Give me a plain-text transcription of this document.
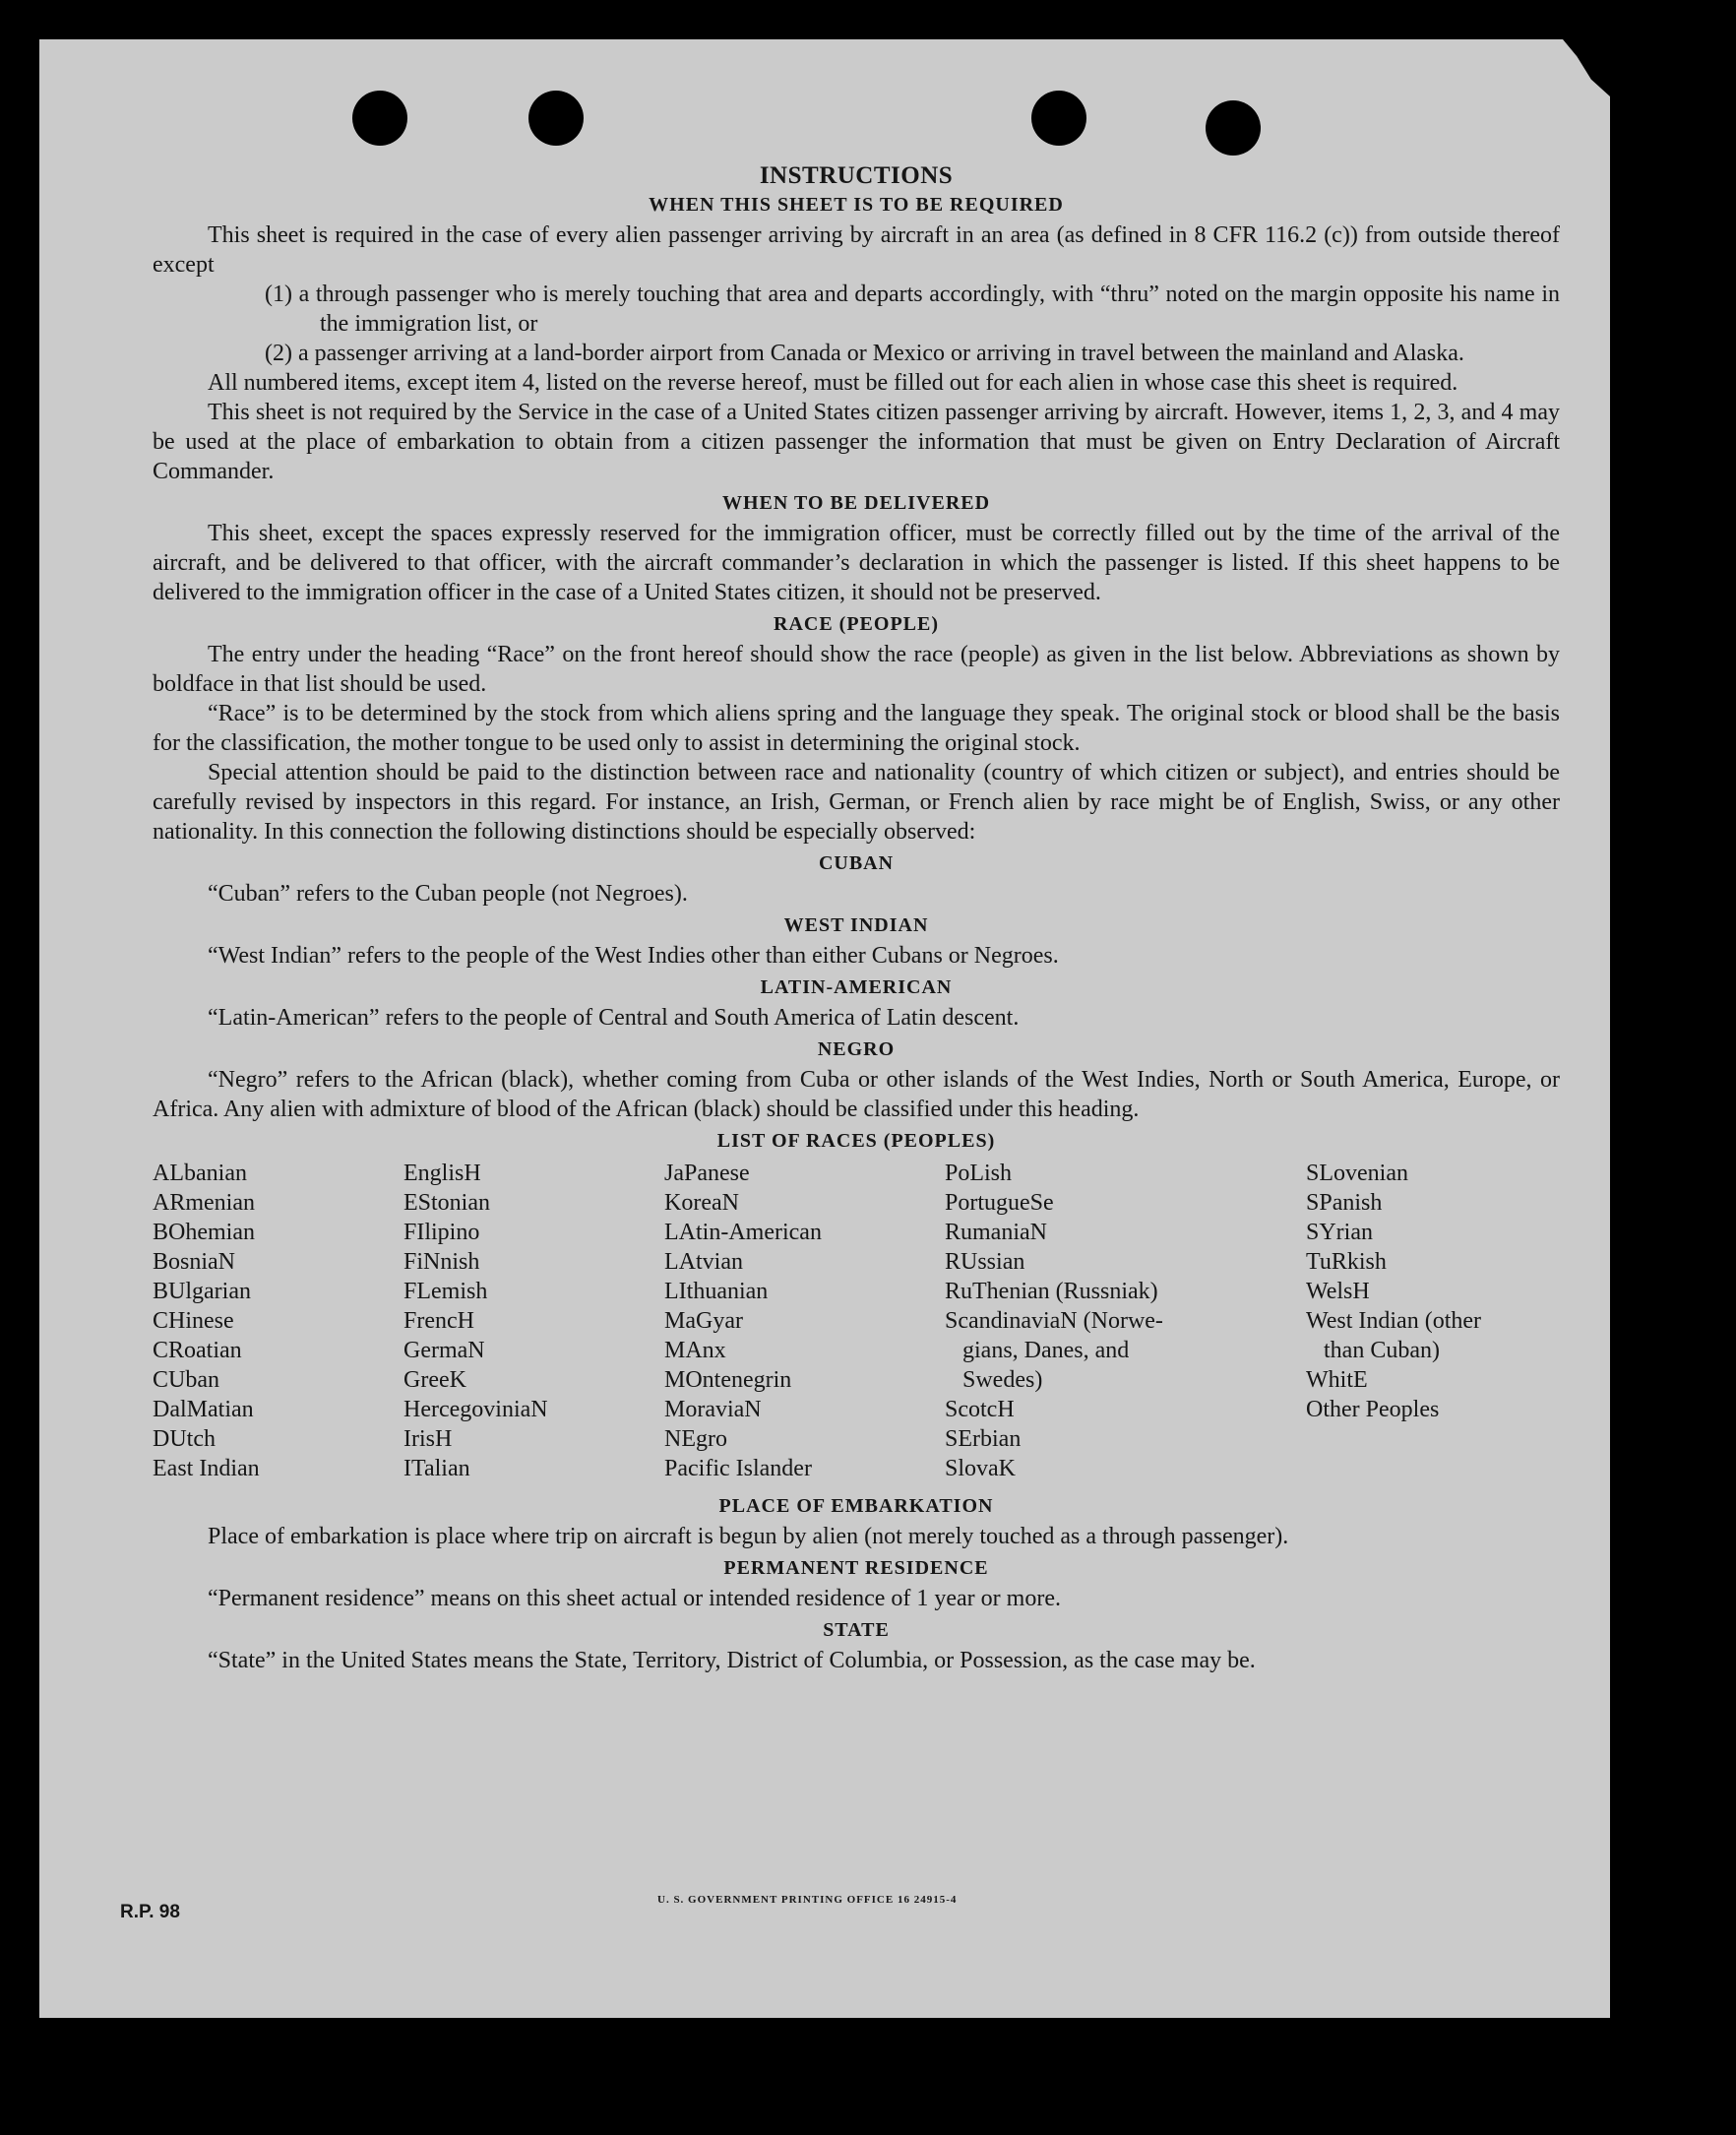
INSTRUCTIONS
WHEN THIS SHEET IS TO BE REQUIRED

This sheet is required in the case of every alien passenger arriving by aircraft in an area (as defined in 8 CFR 116.2 (c)) from outside thereof except

(1) a through passenger who is merely touching that area and departs accordingly, with “thru” noted on the margin opposite his name in the immigration list, or

(2) a passenger arriving at a land-border airport from Canada or Mexico or arriving in travel between the mainland and Alaska.

All numbered items, except item 4, listed on the reverse hereof, must be filled out for each alien in whose case this sheet is required.

This sheet is not required by the Service in the case of a United States citizen passenger arriving by aircraft. However, items 1, 2, 3, and 4 may be used at the place of embarkation to obtain from a citizen passenger the information that must be given on Entry Declaration of Aircraft Commander.

WHEN TO BE DELIVERED

This sheet, except the spaces expressly reserved for the immigration officer, must be correctly filled out by the time of the arrival of the aircraft, and be delivered to that officer, with the aircraft commander’s declaration in which the passenger is listed. If this sheet happens to be delivered to the immigration officer in the case of a United States citizen, it should not be preserved.

RACE (PEOPLE)

The entry under the heading “Race” on the front hereof should show the race (people) as given in the list below. Abbreviations as shown by boldface in that list should be used.

“Race” is to be determined by the stock from which aliens spring and the language they speak. The original stock or blood shall be the basis for the classification, the mother tongue to be used only to assist in determining the original stock.

Special attention should be paid to the distinction between race and nationality (country of which citizen or subject), and entries should be carefully revised by inspectors in this regard. For instance, an Irish, German, or French alien by race might be of English, Swiss, or any other nationality. In this connection the following distinctions should be especially observed:

CUBAN

“Cuban” refers to the Cuban people (not Negroes).

WEST INDIAN

“West Indian” refers to the people of the West Indies other than either Cubans or Negroes.

LATIN-AMERICAN

“Latin-American” refers to the people of Central and South America of Latin descent.

NEGRO

“Negro” refers to the African (black), whether coming from Cuba or other islands of the West Indies, North or South America, Europe, or Africa. Any alien with admixture of blood of the African (black) should be classified under this heading.

LIST OF RACES (PEOPLES)
ALbanian
ARmenian
BOhemian
BosniaN
BUlgarian
CHinese
CRoatian
CUban
DalMatian
DUtch
East Indian
EnglisH
EStonian
FIlipino
FiNnish
FLemish
FrencH
GermaN
GreeK
HercegoviniaN
IrisH
ITalian
JaPanese
KoreaN
LAtin-American
LAtvian
LIthuanian
MaGyar
MAnx
MOntenegrin
MoraviaN
NEgro
Pacific Islander
PoLish
PortugueSe
RumaniaN
RUssian
RuThenian (Russniak)
ScandinaviaN (Norwe-
gians, Danes, and
Swedes)
ScotcH
SErbian
SlovaK
SLovenian
SPanish
SYrian
TuRkish
WelsH
West Indian (other
than Cuban)
WhitE
Other Peoples
PLACE OF EMBARKATION

Place of embarkation is place where trip on aircraft is begun by alien (not merely touched as a through passenger).

PERMANENT RESIDENCE

“Permanent residence” means on this sheet actual or intended residence of 1 year or more.

STATE

“State” in the United States means the State, Territory, District of Columbia, or Possession, as the case may be.

R.P. 98
U. S. GOVERNMENT PRINTING OFFICE 16 24915-4
